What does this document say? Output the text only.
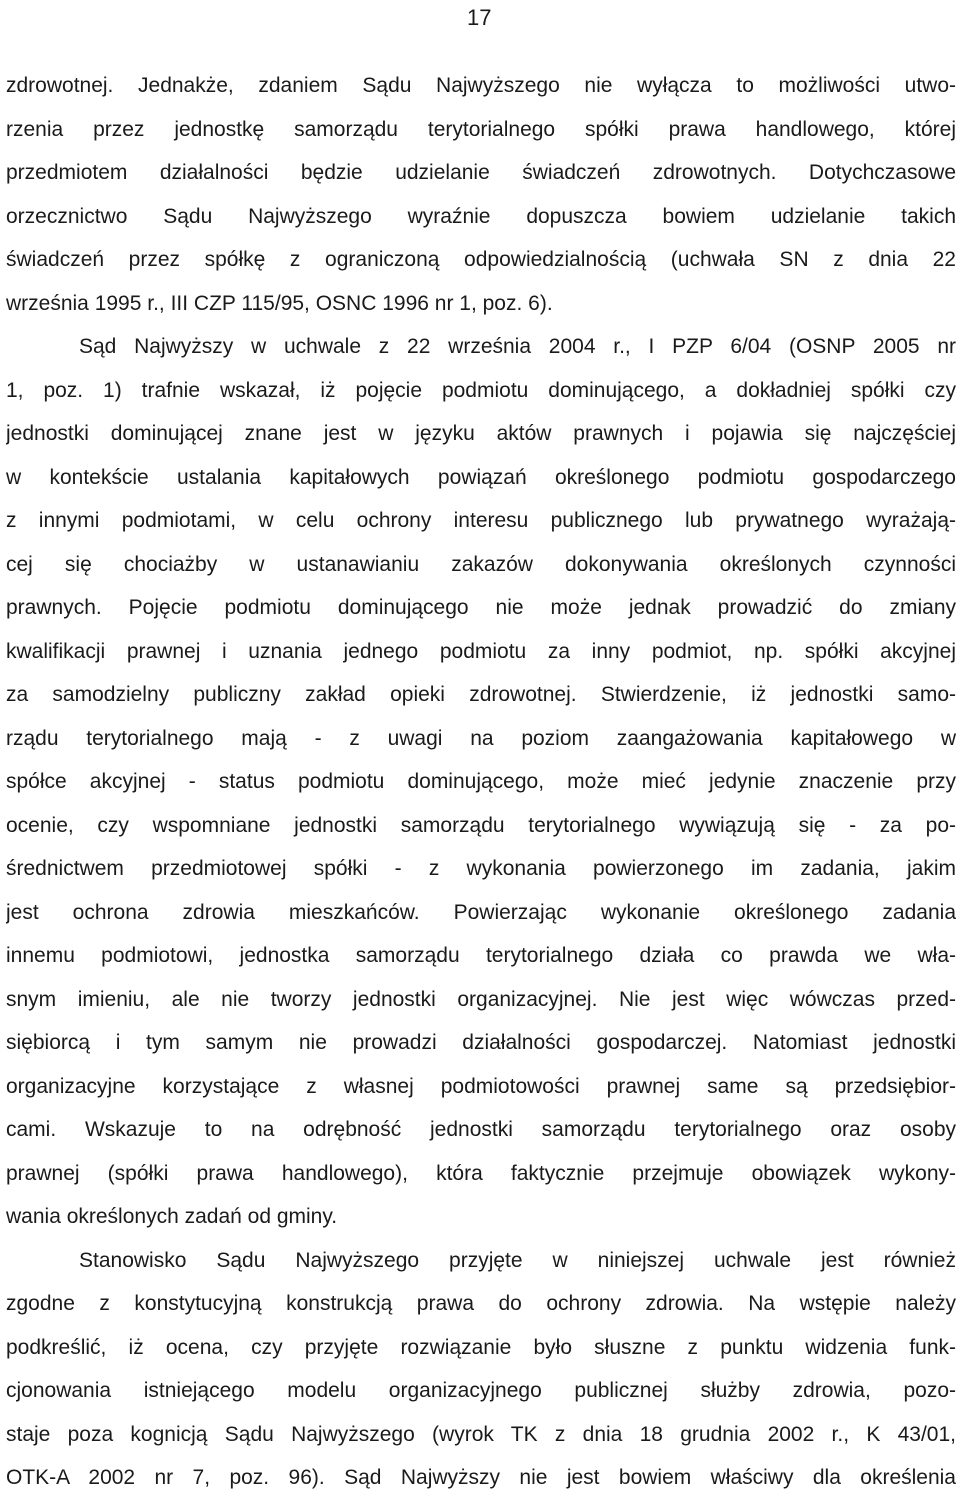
17
zdrowotnej. Jednakże, zdaniem Sądu Najwyższego nie wyłącza to możliwości utwo-
rzenia przez jednostkę samorządu terytorialnego spółki prawa handlowego, której
przedmiotem działalności będzie udzielanie świadczeń zdrowotnych. Dotychczasowe
orzecznictwo Sądu Najwyższego wyraźnie dopuszcza bowiem udzielanie takich
świadczeń przez spółkę z ograniczoną odpowiedzialnością (uchwała SN z dnia 22
września 1995 r., III CZP 115/95, OSNC 1996 nr 1, poz. 6).
Sąd Najwyższy w uchwale z 22 września 2004 r., I PZP 6/04 (OSNP 2005 nr
1, poz. 1) trafnie wskazał, iż pojęcie podmiotu dominującego, a dokładniej spółki czy
jednostki dominującej znane jest w języku aktów prawnych i pojawia się najczęściej
w kontekście ustalania kapitałowych powiązań określonego podmiotu gospodarczego
z innymi podmiotami, w celu ochrony interesu publicznego lub prywatnego wyrażają-
cej się chociażby w ustanawianiu zakazów dokonywania określonych czynności
prawnych. Pojęcie podmiotu dominującego nie może jednak prowadzić do zmiany
kwalifikacji prawnej i uznania jednego podmiotu za inny podmiot, np. spółki akcyjnej
za samodzielny publiczny zakład opieki zdrowotnej. Stwierdzenie, iż jednostki samo-
rządu terytorialnego mają - z uwagi na poziom zaangażowania kapitałowego w
spółce akcyjnej - status podmiotu dominującego, może mieć jedynie znaczenie przy
ocenie, czy wspomniane jednostki samorządu terytorialnego wywiązują się - za po-
średnictwem przedmiotowej spółki - z wykonania powierzonego im zadania, jakim
jest ochrona zdrowia mieszkańców. Powierzając wykonanie określonego zadania
innemu podmiotowi, jednostka samorządu terytorialnego działa co prawda we wła-
snym imieniu, ale nie tworzy jednostki organizacyjnej. Nie jest więc wówczas przed-
siębiorcą i tym samym nie prowadzi działalności gospodarczej. Natomiast jednostki
organizacyjne korzystające z własnej podmiotowości prawnej same są przedsiębior-
cami. Wskazuje to na odrębność jednostki samorządu terytorialnego oraz osoby
prawnej (spółki prawa handlowego), która faktycznie przejmuje obowiązek wykony-
wania określonych zadań od gminy.
Stanowisko Sądu Najwyższego przyjęte w niniejszej uchwale jest również
zgodne z konstytucyjną konstrukcją prawa do ochrony zdrowia. Na wstępie należy
podkreślić, iż ocena, czy przyjęte rozwiązanie było słuszne z punktu widzenia funk-
cjonowania istniejącego modelu organizacyjnego publicznej służby zdrowia, pozo-
staje poza kognicją Sądu Najwyższego (wyrok TK z dnia 18 grudnia 2002 r., K 43/01,
OTK-A 2002 nr 7, poz. 96). Sąd Najwyższy nie jest bowiem właściwy dla określenia
